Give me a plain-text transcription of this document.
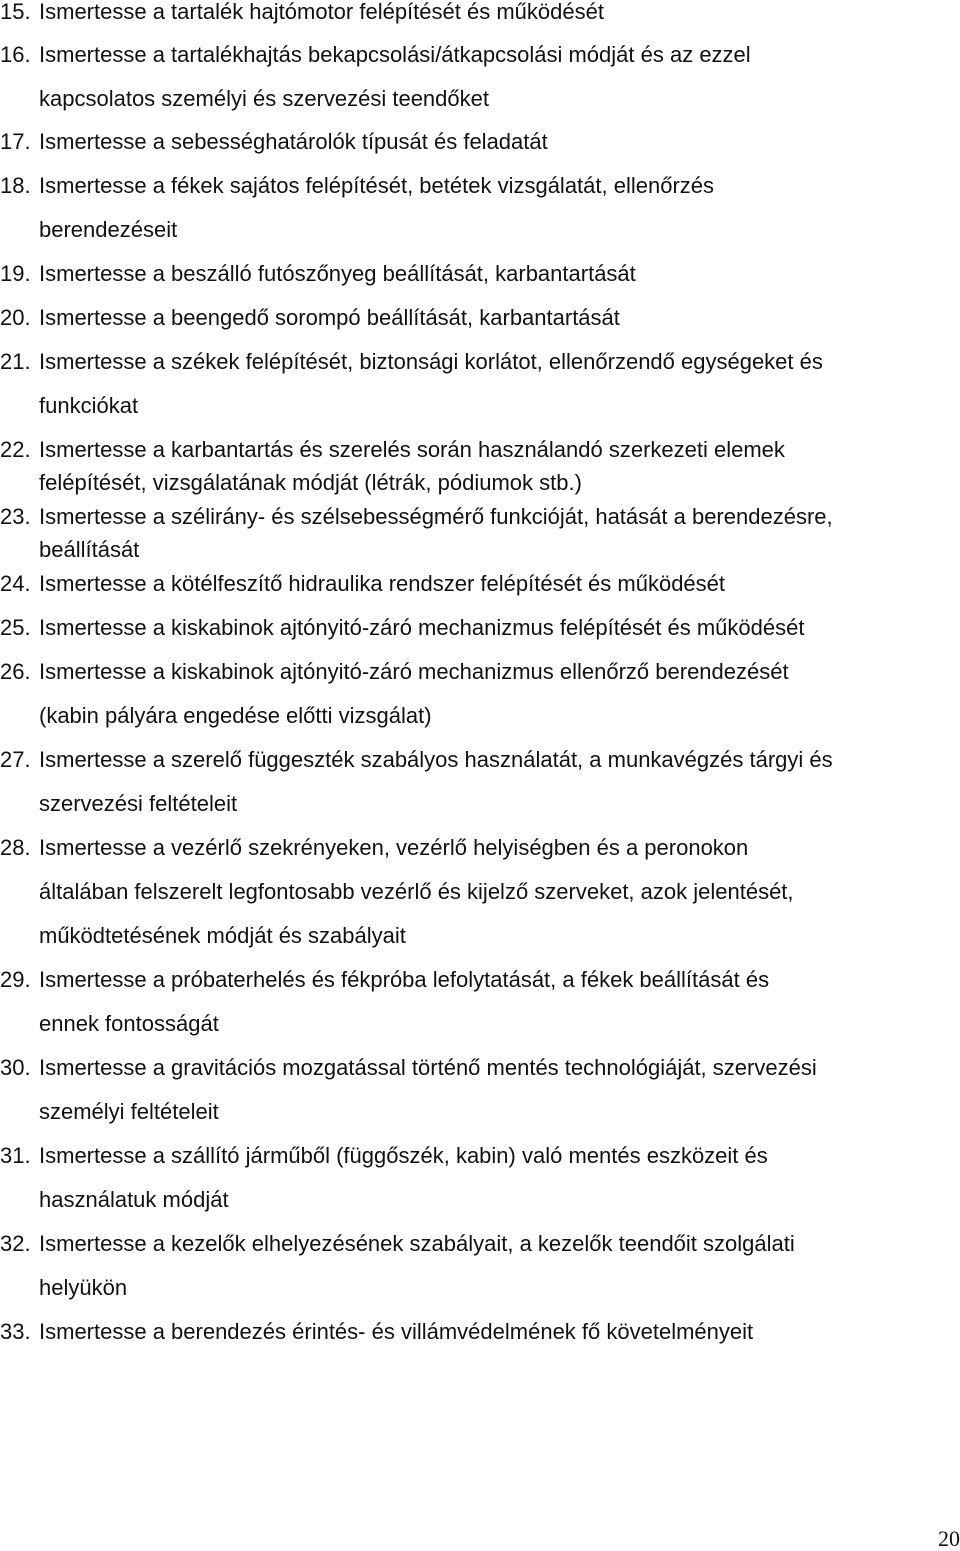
15. Ismertesse a tartalék hajtómotor felépítését és működését
16. Ismertesse a tartalékhajtás bekapcsolási/átkapcsolási módját és az ezzel
kapcsolatos személyi és szervezési teendőket
17. Ismertesse a sebességhatárolók típusát és feladatát
18. Ismertesse a fékek sajátos felépítését, betétek vizsgálatát, ellenőrzés
berendezéseit
19. Ismertesse a beszálló futószőnyeg beállítását, karbantartását
20. Ismertesse a beengedő sorompó beállítását, karbantartását
21. Ismertesse a székek felépítését, biztonsági korlátot, ellenőrzendő egységeket és
funkciókat
22. Ismertesse a karbantartás és szerelés során használandó szerkezeti elemek
felépítését, vizsgálatának módját (létrák, pódiumok stb.)
23. Ismertesse a szélirány- és szélsebességmérő funkcióját, hatását a berendezésre,
beállítását
24. Ismertesse a kötélfeszítő hidraulika rendszer felépítését és működését
25. Ismertesse a kiskabinok ajtónyitó-záró mechanizmus felépítését és működését
26. Ismertesse a kiskabinok ajtónyitó-záró mechanizmus ellenőrző berendezését
(kabin pályára engedése előtti vizsgálat)
27. Ismertesse a szerelő függeszték szabályos használatát, a munkavégzés tárgyi és
szervezési feltételeit
28. Ismertesse a vezérlő szekrényeken, vezérlő helyiségben és a peronokon
általában felszerelt legfontosabb vezérlő és kijelző szerveket, azok jelentését,
működtetésének módját és szabályait
29. Ismertesse a próbaterhelés és fékpróba lefolytatását, a fékek beállítását és
ennek fontosságát
30. Ismertesse a gravitációs mozgatással történő mentés technológiáját, szervezési
személyi feltételeit
31. Ismertesse a szállító járműből (függőszék, kabin) való mentés eszközeit és
használatuk módját
32. Ismertesse a kezelők elhelyezésének szabályait, a kezelők teendőit szolgálati
helyükön
33. Ismertesse a berendezés érintés- és villámvédelmének fő követelményeit
20
